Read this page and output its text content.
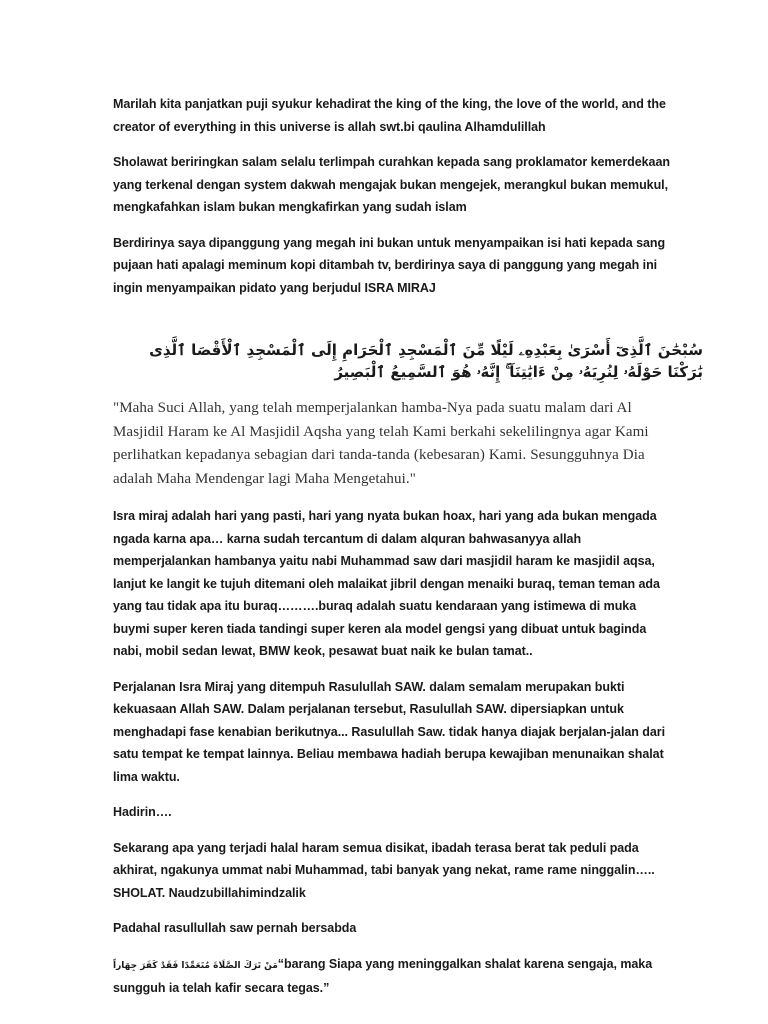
Marilah kita panjatkan puji syukur kehadirat the king of the king, the love of the world, and the creator of everything in this universe is allah swt.bi qaulina Alhamdulillah

Sholawat beriringkan salam selalu terlimpah curahkan kepada sang proklamator kemerdekaan yang terkenal dengan system dakwah mengajak bukan mengejek, merangkul bukan memukul, mengkafahkan islam bukan mengkafirkan yang sudah islam

Berdirinya saya dipanggung yang megah ini bukan untuk menyampaikan isi hati kepada sang pujaan hati apalagi meminum kopi ditambah tv, berdirinya saya di panggung yang megah ini ingin menyampaikan pidato yang berjudul ISRA MIRAJ

سُبْحَٰنَ ٱلَّذِىٓ أَسْرَىٰ بِعَبْدِهِۦ لَيْلًا مِّنَ ٱلْمَسْجِدِ ٱلْحَرَامِ إِلَى ٱلْمَسْجِدِ ٱلْأَقْصَا ٱلَّذِى بَٰرَكْنَا حَوْلَهُۥ لِنُرِيَهُۥ مِنْ ءَايَٰتِنَآ ۚ إِنَّهُۥ هُوَ ٱلسَّمِيعُ ٱلْبَصِيرُ

"Maha Suci Allah, yang telah memperjalankan hamba-Nya pada suatu malam dari Al Masjidil Haram ke Al Masjidil Aqsha yang telah Kami berkahi sekelilingnya agar Kami perlihatkan kepadanya sebagian dari tanda-tanda (kebesaran) Kami. Sesungguhnya Dia adalah Maha Mendengar lagi Maha Mengetahui."

Isra miraj adalah hari yang pasti, hari yang nyata bukan hoax, hari yang ada bukan mengada ngada karna apa… karna sudah tercantum di dalam alquran bahwasanyya allah memperjalankan hambanya yaitu nabi Muhammad saw dari masjidil haram ke masjidil aqsa, lanjut ke langit ke tujuh ditemani oleh malaikat jibril dengan menaiki buraq, teman teman ada yang tau tidak apa itu buraq……….buraq adalah suatu kendaraan yang istimewa di muka buymi super keren tiada tandingi super keren ala model gengsi yang dibuat untuk baginda nabi, mobil sedan lewat, BMW keok, pesawat buat naik ke bulan tamat..

Perjalanan Isra Miraj yang ditempuh Rasulullah SAW. dalam semalam merupakan bukti kekuasaan Allah SAW. Dalam perjalanan tersebut, Rasulullah SAW. dipersiapkan untuk menghadapi fase kenabian berikutnya... Rasulullah Saw. tidak hanya diajak berjalan-jalan dari satu tempat ke tempat lainnya. Beliau membawa hadiah berupa kewajiban menunaikan shalat lima waktu.

Hadirin….

Sekarang apa yang terjadi halal haram semua disikat, ibadah terasa berat tak peduli pada akhirat, ngakunya ummat nabi Muhammad, tabi banyak yang nekat, rame rame ninggalin….. SHOLAT. Naudzubillahimindzalik

Padahal rasullullah saw pernah bersabda

مَنْ تَرَكَ الصَّلَاةَ مُتَعَمِّدًا فَقَدْ كَفَرَ جِهَاراً“barang Siapa yang meninggalkan shalat karena sengaja, maka sungguh ia telah kafir secara tegas.”
